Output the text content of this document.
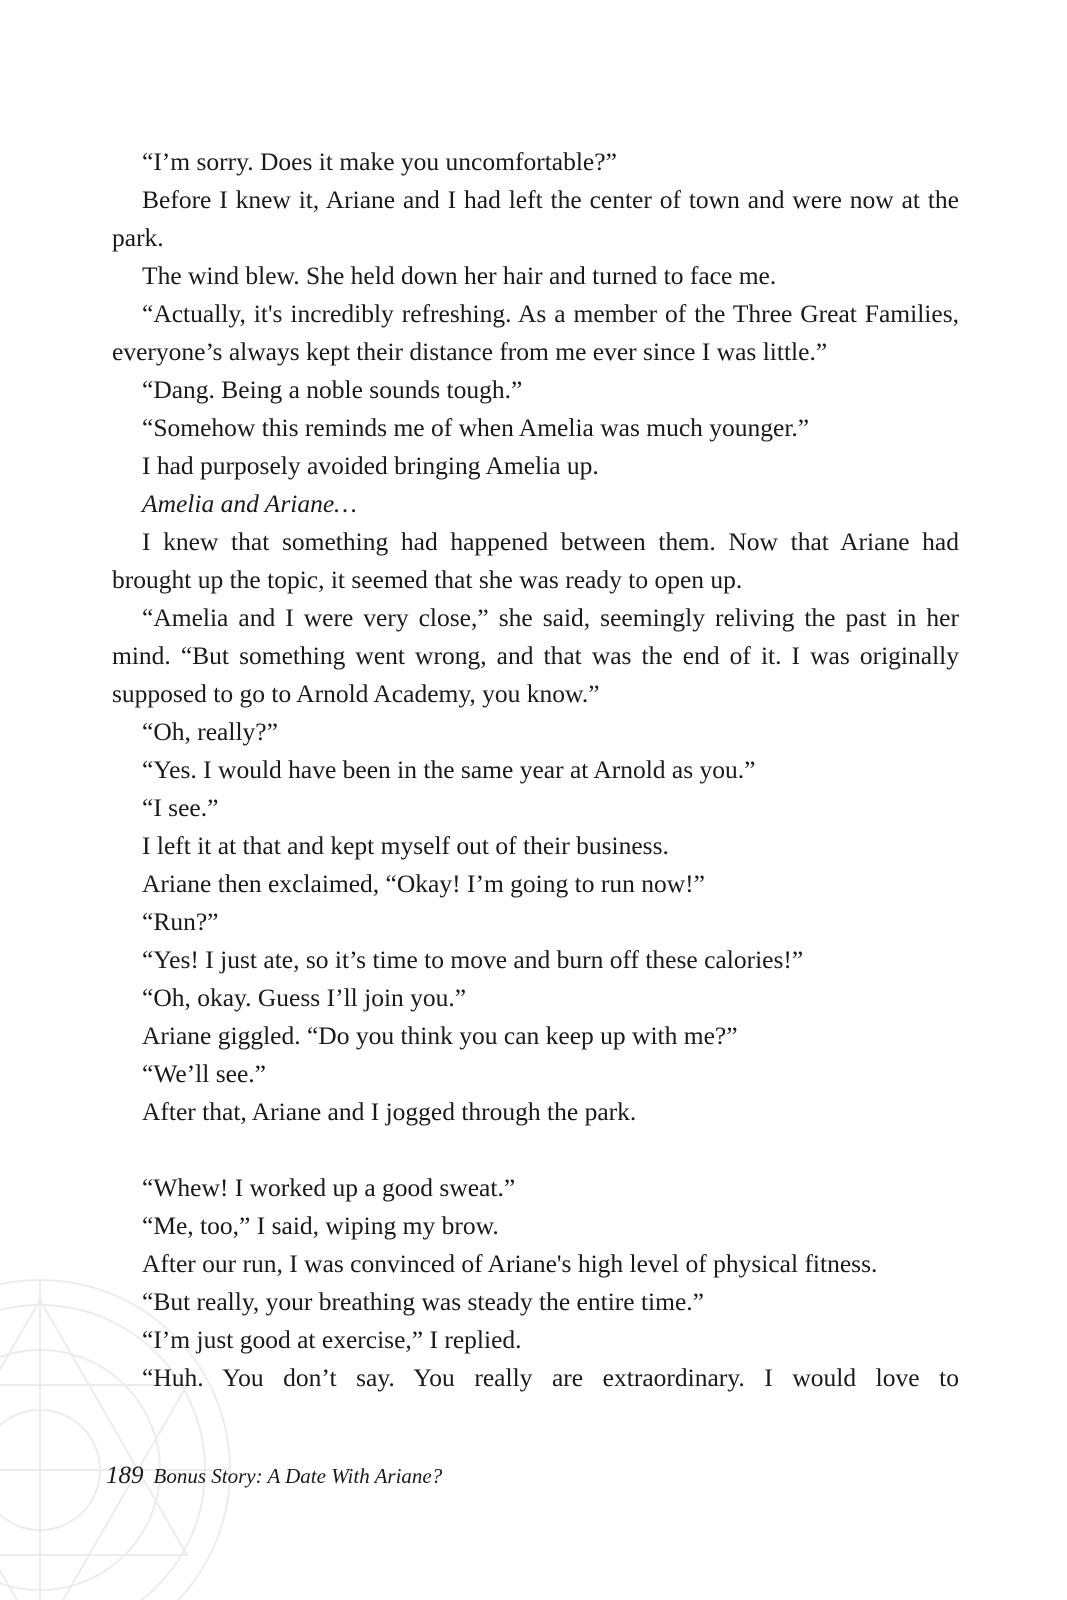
“I’m sorry. Does it make you uncomfortable?”

Before I knew it, Ariane and I had left the center of town and were now at the park.

The wind blew. She held down her hair and turned to face me.

“Actually, it's incredibly refreshing. As a member of the Three Great Families, everyone’s always kept their distance from me ever since I was little.”

“Dang. Being a noble sounds tough.”

“Somehow this reminds me of when Amelia was much younger.”

I had purposely avoided bringing Amelia up.

Amelia and Ariane…

I knew that something had happened between them. Now that Ariane had brought up the topic, it seemed that she was ready to open up.

“Amelia and I were very close,” she said, seemingly reliving the past in her mind. “But something went wrong, and that was the end of it. I was originally supposed to go to Arnold Academy, you know.”

“Oh, really?”

“Yes. I would have been in the same year at Arnold as you.”

“I see.”

I left it at that and kept myself out of their business.

Ariane then exclaimed, “Okay! I’m going to run now!”

“Run?”

“Yes! I just ate, so it’s time to move and burn off these calories!”

“Oh, okay. Guess I’ll join you.”

Ariane giggled. “Do you think you can keep up with me?”

“We’ll see.”

After that, Ariane and I jogged through the park.

“Whew! I worked up a good sweat.”

“Me, too,” I said, wiping my brow.

After our run, I was convinced of Ariane's high level of physical fitness.

“But really, your breathing was steady the entire time.”

“I’m just good at exercise,” I replied.

“Huh. You don’t say. You really are extraordinary. I would love to

189 Bonus Story: A Date With Ariane?
